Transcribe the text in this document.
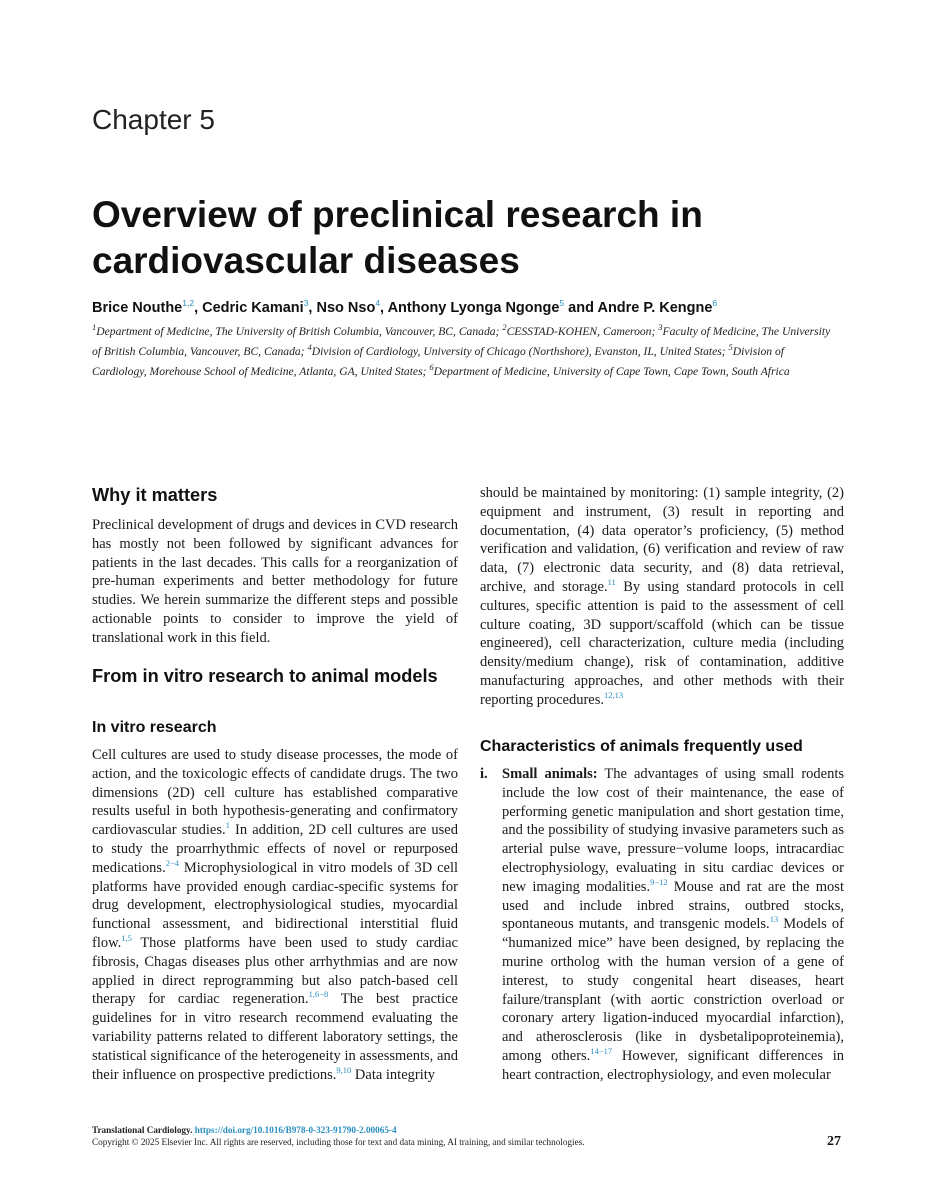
Chapter 5
Overview of preclinical research in cardiovascular diseases
Brice Nouthe$^{1,2}$, Cedric Kamani$^3$, Nso Nso$^4$, Anthony Lyonga Ngonge$^5$ and Andre P. Kengne$^6$
$^1$Department of Medicine, The University of British Columbia, Vancouver, BC, Canada; $^2$CESSTAD-KOHEN, Cameroon; $^3$Faculty of Medicine, The University of British Columbia, Vancouver, BC, Canada; $^4$Division of Cardiology, University of Chicago (Northshore), Evanston, IL, United States; $^5$Division of Cardiology, Morehouse School of Medicine, Atlanta, GA, United States; $^6$Department of Medicine, University of Cape Town, Cape Town, South Africa
Why it matters

Preclinical development of drugs and devices in CVD research has mostly not been followed by significant advances for patients in the last decades. This calls for a reorganization of pre-human experiments and better methodology for future studies. We herein summarize the different steps and possible actionable points to consider to improve the yield of translational work in this field.

From in vitro research to animal models
In vitro research

Cell cultures are used to study disease processes, the mode of action, and the toxicologic effects of candidate drugs. The two dimensions (2D) cell culture has established comparative results useful in both hypothesis-generating and confirmatory cardiovascular studies.$^1$ In addition, 2D cell cultures are used to study the proarrhythmic effects of novel or repurposed medications.$^{2-4}$ Microphysiological in vitro models of 3D cell platforms have provided enough cardiac-specific systems for drug development, electrophysiological studies, myocardial functional assessment, and bidirectional interstitial fluid flow.$^{1,5}$ Those platforms have been used to study cardiac fibrosis, Chagas diseases plus other arrhythmias and are now applied in direct reprogramming but also patch-based cell therapy for cardiac regeneration.$^{1,6-8}$ The best practice guidelines for in vitro research recommend evaluating the variability patterns related to different laboratory settings, the statistical significance of the heterogeneity in assessments, and their influence on prospective predictions.$^{9,10}$ Data integrity

should be maintained by monitoring: (1) sample integrity, (2) equipment and instrument, (3) result in reporting and documentation, (4) data operator’s proficiency, (5) method verification and validation, (6) verification and review of raw data, (7) electronic data security, and (8) data retrieval, archive, and storage.$^{11}$ By using standard protocols in cell cultures, specific attention is paid to the assessment of cell culture coating, 3D support/scaffold (which can be tissue engineered), cell characterization, culture media (including density/medium change), risk of contamination, additive manufacturing approaches, and other methods with their reporting procedures.$^{12,13}$

Characteristics of animals frequently used

i. Small animals: The advantages of using small rodents include the low cost of their maintenance, the ease of performing genetic manipulation and short gestation time, and the possibility of studying invasive parameters such as arterial pulse wave, pressure−volume loops, intracardiac electrophysiology, evaluating in situ cardiac devices or new imaging modalities.$^{9-12}$ Mouse and rat are the most used and include inbred strains, outbred stocks, spontaneous mutants, and transgenic models.$^{13}$ Models of “humanized mice” have been designed, by replacing the murine ortholog with the human version of a gene of interest, to study congenital heart diseases, heart failure/transplant (with aortic constriction overload or coronary artery ligation-induced myocardial infarction), and atherosclerosis (like in dysbetalipoproteinemia), among others.$^{14-17}$ However, significant differences in heart contraction, electrophysiology, and even molecular

Translational Cardiology. https://doi.org/10.1016/B978-0-323-91790-2.00065-4
Copyright © 2025 Elsevier Inc. All rights are reserved, including those for text and data mining, AI training, and similar technologies.	27
